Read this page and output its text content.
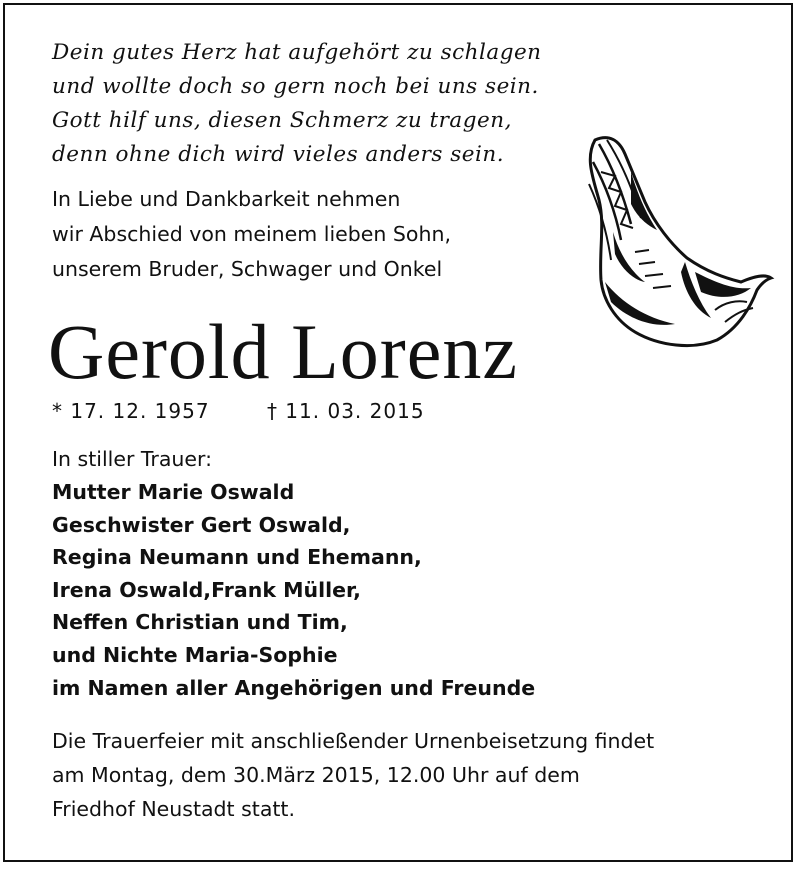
Dein gutes Herz hat aufgehört zu schlagen
und wollte doch so gern noch bei uns sein.
Gott hilf uns, diesen Schmerz zu tragen,
denn ohne dich wird vieles anders sein.
In Liebe und Dankbarkeit nehmen
wir Abschied von meinem lieben Sohn,
unserem Bruder, Schwager und Onkel
Gerold Lorenz
* 17. 12. 1957	† 11. 03. 2015
In stiller Trauer:
Mutter Marie Oswald
Geschwister Gert Oswald,
Regina Neumann und Ehemann,
Irena Oswald,Frank Müller,
Neffen Christian und Tim,
und Nichte Maria-Sophie
im Namen aller Angehörigen und Freunde
Die Trauerfeier mit anschließender Urnenbeisetzung findet
am Montag, dem 30.März 2015, 12.00 Uhr auf dem
Friedhof Neustadt statt.
